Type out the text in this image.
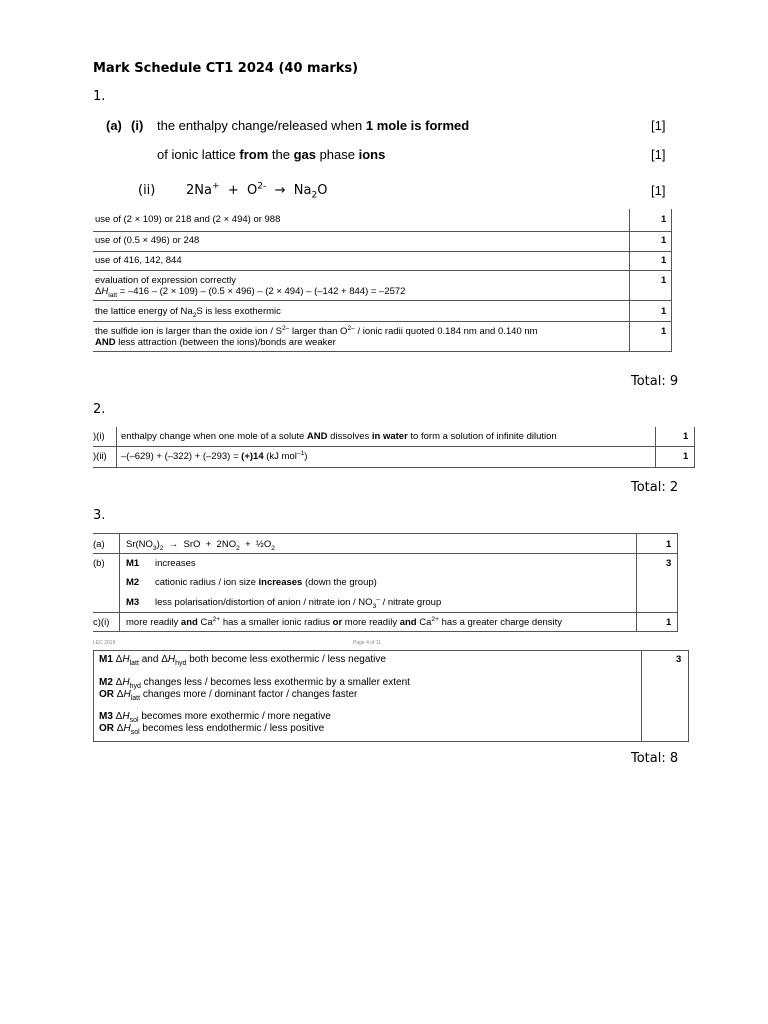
Mark Schedule CT1 2024 (40 marks)
1.
(a) (i) the enthalpy change/released when 1 mole is formed	[1]
of ionic lattice from the gas phase ions	[1]
(ii) $2Na^+ + O^{2-} \to Na_2O$	[1]
use of (2 × 109) or 218 and (2 × 494) or 988	1
use of (0.5 × 496) or 248	1
use of 416, 142, 844	1
evaluation of expression correctly
$\Delta H_{latt} = -416 - (2 \times 109) - (0.5 \times 496) - (2 \times 494) - (-142 + 844) = -2572$
1
the lattice energy of $Na_2S$ is less exothermic	1
the sulfide ion is larger than the oxide ion / $S^{2-}$ larger than $O^{2-}$ / ionic radii quoted 0.184 nm and 0.140 nm
AND less attraction (between the ions)/bonds are weaker
1
Total: 9
2.
)(i) enthalpy change when one mole of a solute AND dissolves in water to form a solution of infinite dilution	1
)(ii) –(–629) + (–322) + (–293) = (+)14 (kJ mol$^{-1}$)	1
Total: 2
3.
(a) $Sr(NO_3)_2$  →  SrO  +  $2NO_2$  +  $\frac{1}{2}O_2$	1
(b) M1 increases	3
M2 cationic radius / ion size increases (down the group)
M3 less polarisation/distortion of anion / nitrate ion / $NO_3^-$ / nitrate group
c)(i) more readily and $Ca^{2+}$ has a smaller ionic radius or more readily and $Ca^{2+}$ has a greater charge density	1
LEC 2019	Page 4 of 11
M1 $\Delta H_{latt}$ and $\Delta H_{hyd}$ both become less exothermic / less negative	3
M2 $\Delta H_{hyd}$ changes less / becomes less exothermic by a smaller extent
OR $\Delta H_{latt}$ changes more / dominant factor / changes faster
M3 $\Delta H_{sol}$ becomes more exothermic / more negative
OR $\Delta H_{sol}$ becomes less endothermic / less positive
Total: 8
